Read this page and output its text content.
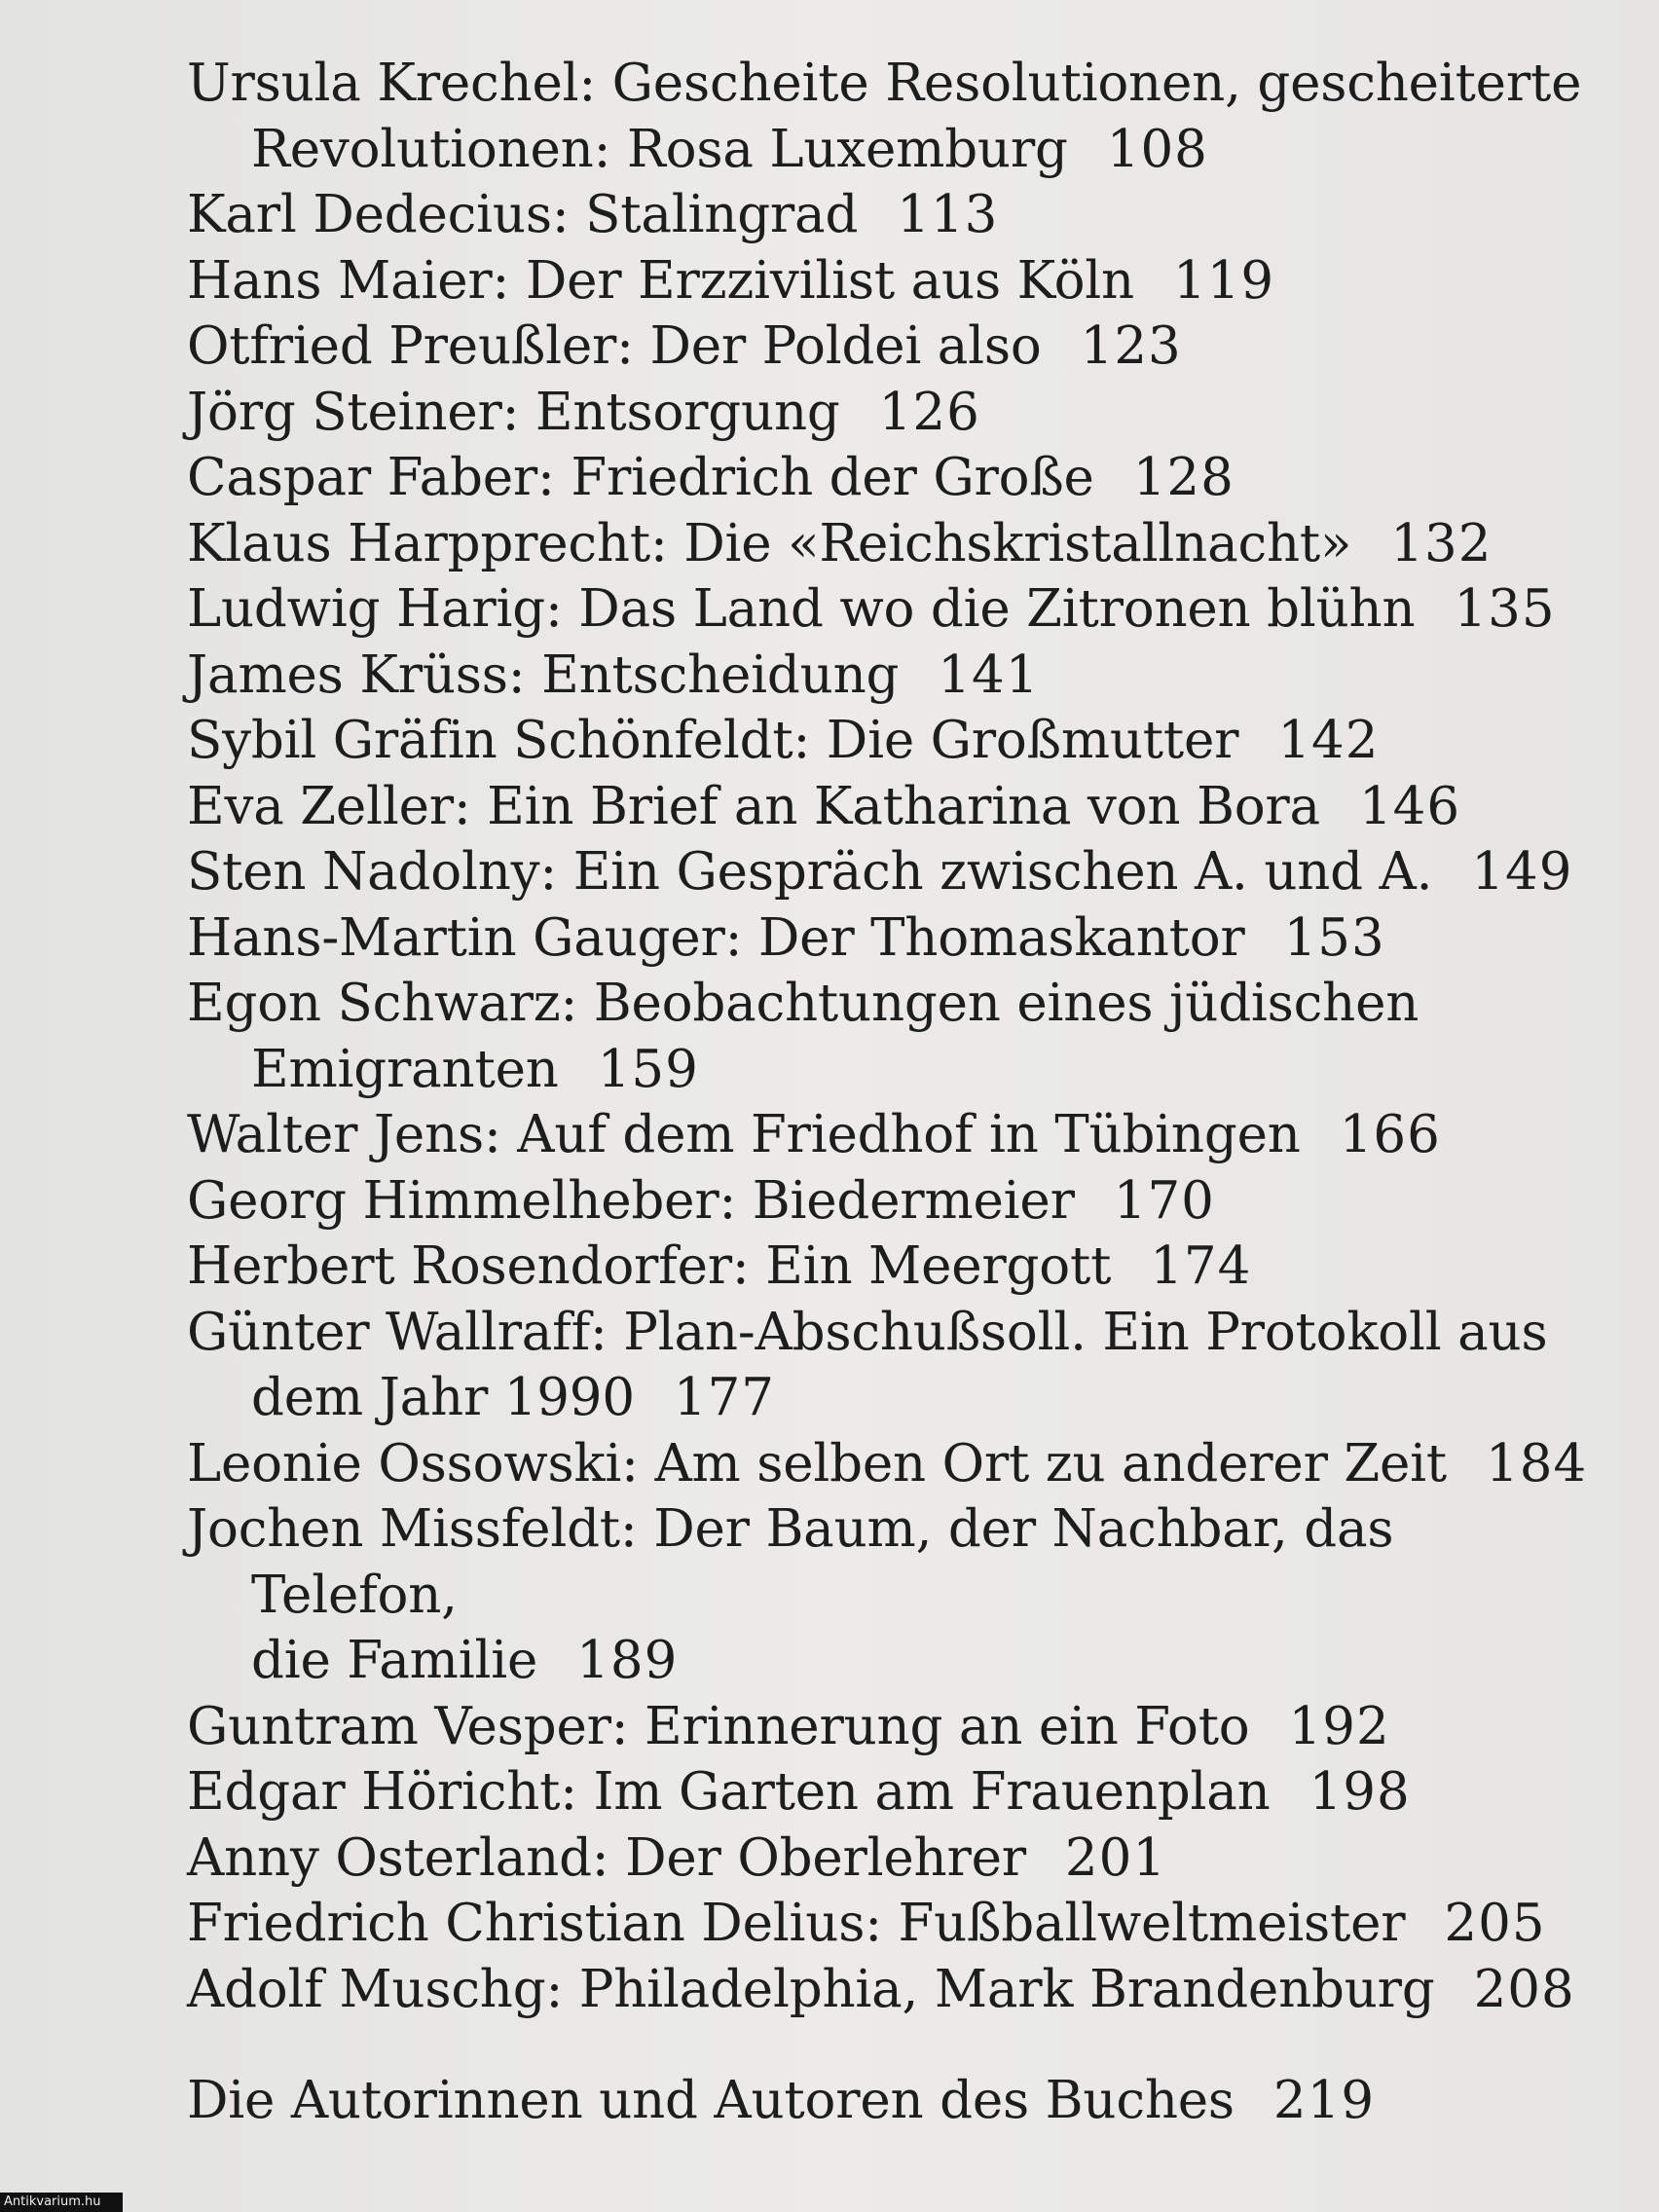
Ursula Krechel: Gescheite Resolutionen, gescheiterte
Revolutionen: Rosa Luxemburg 108
Karl Dedecius: Stalingrad 113
Hans Maier: Der Erzzivilist aus Köln 119
Otfried Preußler: Der Poldei also 123
Jörg Steiner: Entsorgung 126
Caspar Faber: Friedrich der Große 128
Klaus Harpprecht: Die «Reichskristallnacht» 132
Ludwig Harig: Das Land wo die Zitronen blühn 135
James Krüss: Entscheidung 141
Sybil Gräfin Schönfeldt: Die Großmutter 142
Eva Zeller: Ein Brief an Katharina von Bora 146
Sten Nadolny: Ein Gespräch zwischen A. und A. 149
Hans-Martin Gauger: Der Thomaskantor 153
Egon Schwarz: Beobachtungen eines jüdischen
Emigranten 159
Walter Jens: Auf dem Friedhof in Tübingen 166
Georg Himmelheber: Biedermeier 170
Herbert Rosendorfer: Ein Meergott 174
Günter Wallraff: Plan-Abschußsoll. Ein Protokoll aus
dem Jahr 1990 177
Leonie Ossowski: Am selben Ort zu anderer Zeit 184
Jochen Missfeldt: Der Baum, der Nachbar, das Telefon,
die Familie 189
Guntram Vesper: Erinnerung an ein Foto 192
Edgar Höricht: Im Garten am Frauenplan 198
Anny Osterland: Der Oberlehrer 201
Friedrich Christian Delius: Fußballweltmeister 205
Adolf Muschg: Philadelphia, Mark Brandenburg 208
Die Autorinnen und Autoren des Buches 219
Antikvarium.hu
